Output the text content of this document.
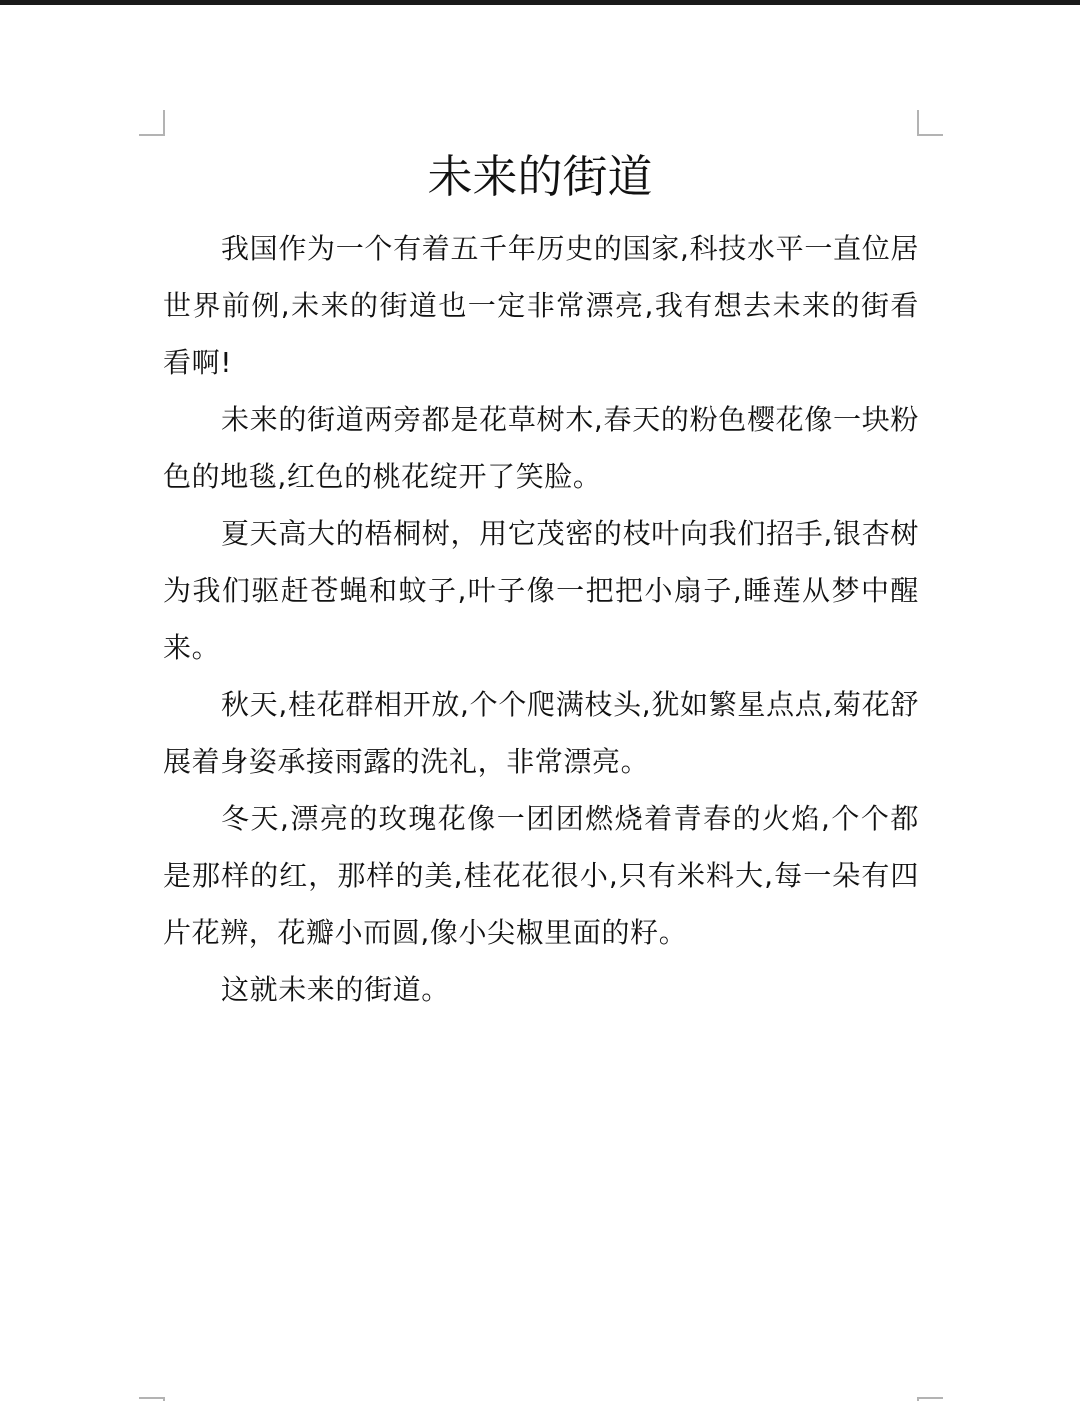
未来的街道

我国作为一个有着五千年历史的国家,科技水平一直位居世界前例,未来的街道也一定非常漂亮,我有想去未来的街看看啊!

未来的街道两旁都是花草树木,春天的粉色樱花像一块粉色的地毯,红色的桃花绽开了笑脸。

夏天高大的梧桐树，用它茂密的枝叶向我们招手,银杏树为我们驱赶苍蝇和蚊子,叶子像一把把小扇子,睡莲从梦中醒来。

秋天,桂花群相开放,个个爬满枝头,犹如繁星点点,菊花舒展着身姿承接雨露的洗礼，非常漂亮。

冬天,漂亮的玫瑰花像一团团燃烧着青春的火焰,个个都是那样的红，那样的美,桂花花很小,只有米料大,每一朵有四片花辨，花瓣小而圆,像小尖椒里面的籽。

这就未来的街道。
